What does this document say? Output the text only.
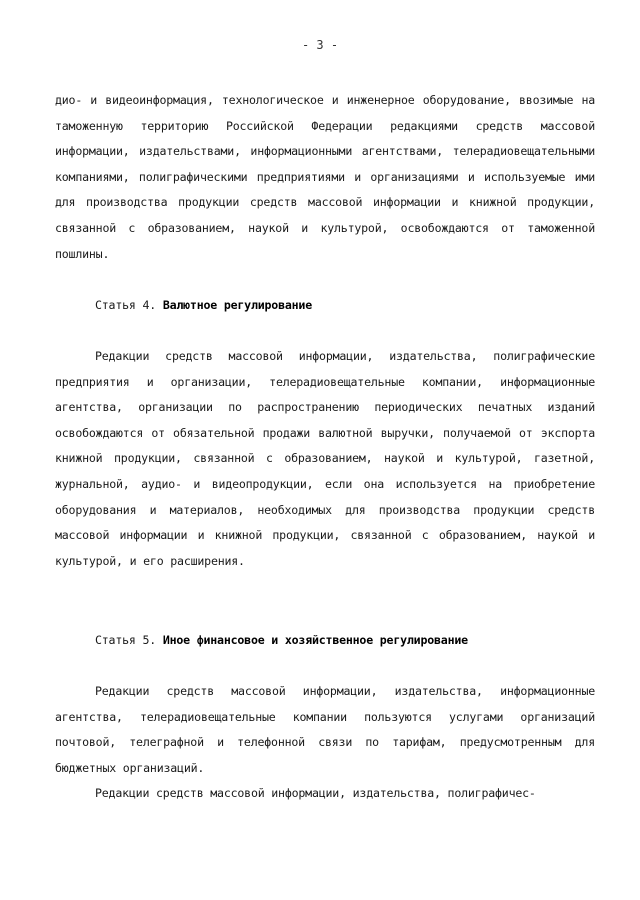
- 3 -

дио- и видеоинформация, технологическое и инженерное оборудование, ввозимые на таможенную территорию Российской Федерации редакциями средств массовой информации, издательствами, информационными агентствами, телерадиовещательными компаниями, полиграфическими предприятиями и организациями и используемые ими для производства продукции средств массовой информации и книжной продукции, связанной с образованием, наукой и культурой, освобождаются от таможенной пошлины.

Статья 4. Валютное регулирование

Редакции средств массовой информации, издательства, полиграфические предприятия и организации, телерадиовещательные компании, информационные агентства, организации по распространению периодических печатных изданий освобождаются от обязательной продажи валютной выручки, получаемой от экспорта книжной продукции, связанной с образованием, наукой и культурой, газетной, журнальной, аудио- и видеопродукции, если она используется на приобретение оборудования и материалов, необходимых для производства продукции средств массовой информации и книжной продукции, связанной с образованием, наукой и культурой, и его расширения.

Статья 5. Иное финансовое и хозяйственное регулирование

Редакции средств массовой информации, издательства, информационные агентства, телерадиовещательные компании пользуются услугами организаций почтовой, телеграфной и телефонной связи по тарифам, предусмотренным для бюджетных организаций.

Редакции средств массовой информации, издательства, полиграфичес-
